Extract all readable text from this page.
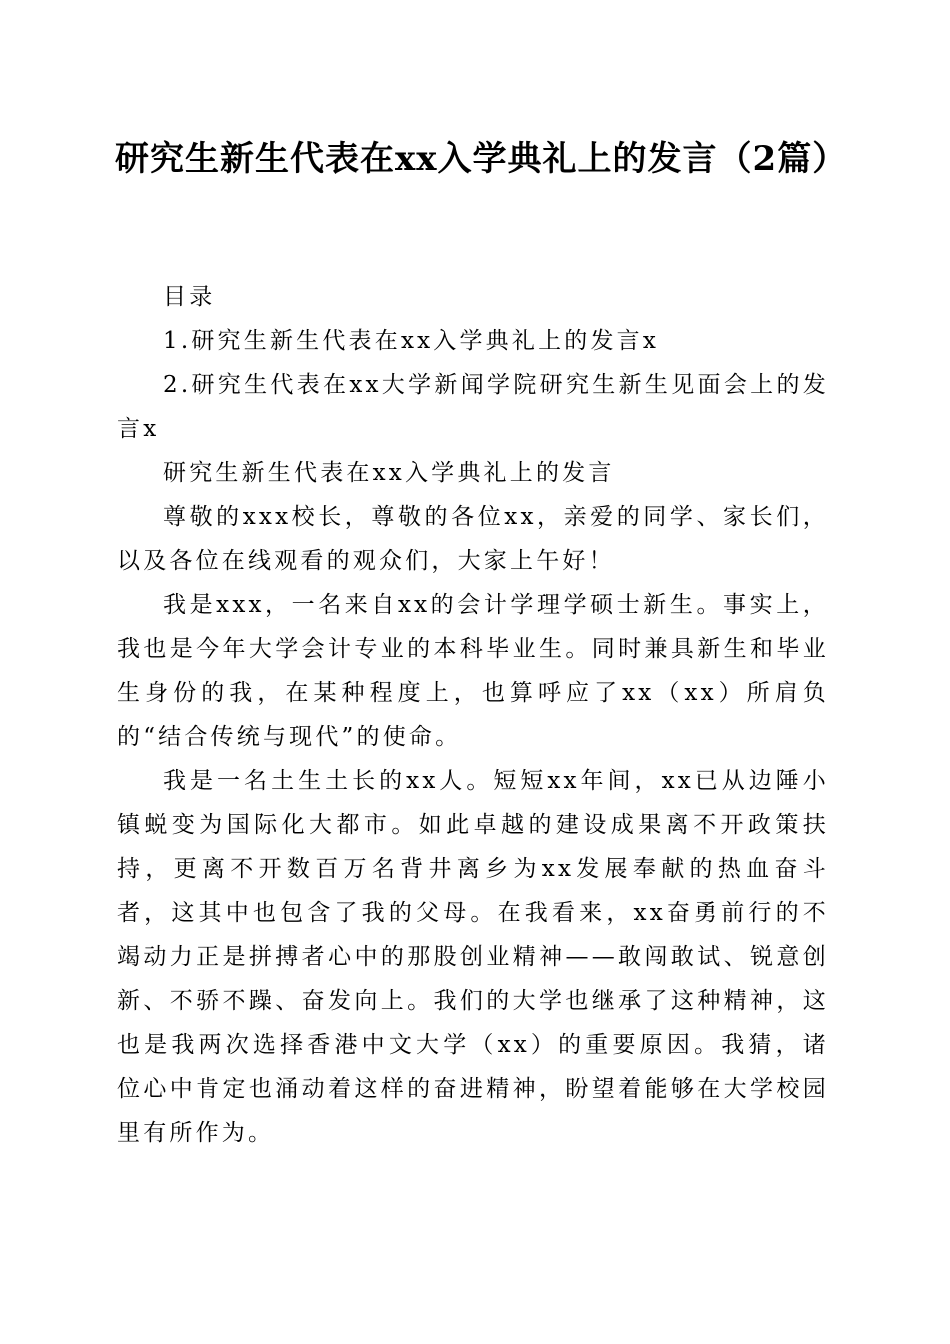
研究生新生代表在xx入学典礼上的发言（2篇）

目录

1.研究生新生代表在xx入学典礼上的发言x

2.研究生代表在xx大学新闻学院研究生新生见面会上的发言x

研究生新生代表在xx入学典礼上的发言

尊敬的xxx校长，尊敬的各位xx，亲爱的同学、家长们，以及各位在线观看的观众们，大家上午好！

我是xxx，一名来自xx的会计学理学硕士新生。事实上，我也是今年大学会计专业的本科毕业生。同时兼具新生和毕业生身份的我，在某种程度上，也算呼应了xx（xx）所肩负的“结合传统与现代”的使命。

我是一名土生土长的xx人。短短xx年间，xx已从边陲小镇蜕变为国际化大都市。如此卓越的建设成果离不开政策扶持，更离不开数百万名背井离乡为xx发展奉献的热血奋斗者，这其中也包含了我的父母。在我看来，xx奋勇前行的不竭动力正是拼搏者心中的那股创业精神——敢闯敢试、锐意创新、不骄不躁、奋发向上。我们的大学也继承了这种精神，这也是我两次选择香港中文大学（xx）的重要原因。我猜，诸位心中肯定也涌动着这样的奋进精神，盼望着能够在大学校园里有所作为。
